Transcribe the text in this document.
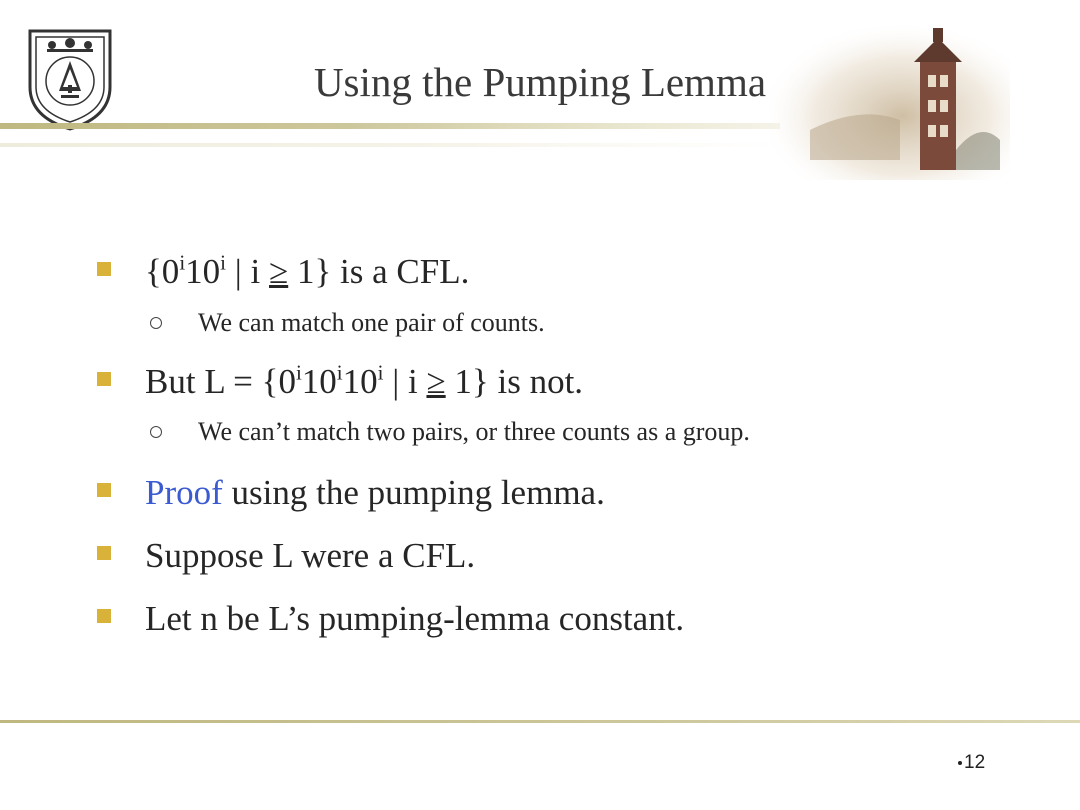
Using the Pumping Lemma
{0$^i$10$^i$ | i ≥ 1} is a CFL.
We can match one pair of counts.
But $L = \{0^i10^i10^i$ | i ≥ 1} is not.
We can’t match two pairs, or three counts as a group.
Proof using the pumping lemma.
Suppose L were a CFL.
Let n be L’s pumping-lemma constant.
12
